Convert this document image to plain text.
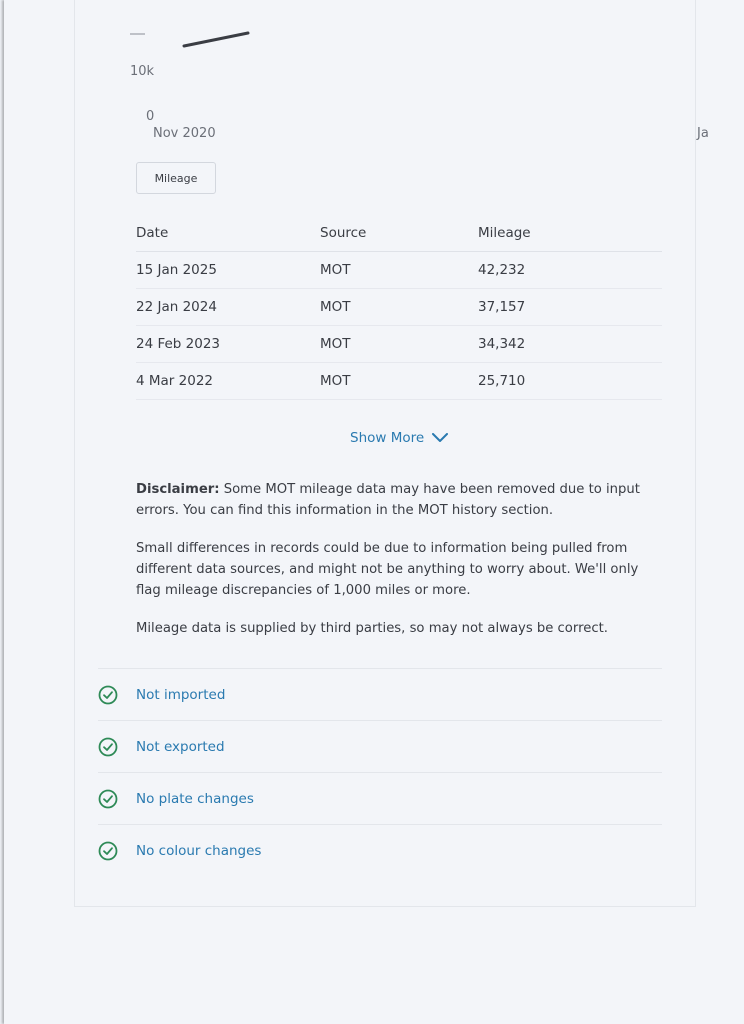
10k
0
Nov 2020	Ja
Mileage
Date	Source	Mileage
15 Jan 2025	MOT	42,232
22 Jan 2024	MOT	37,157
24 Feb 2023	MOT	34,342
4 Mar 2022	MOT	25,710
Show More

Disclaimer: Some MOT mileage data may have been removed due to input errors. You can find this information in the MOT history section.

Small differences in records could be due to information being pulled from different data sources, and might not be anything to worry about. We'll only flag mileage discrepancies of 1,000 miles or more.

Mileage data is supplied by third parties, so may not always be correct.

Not imported
Not exported
No plate changes
No colour changes
